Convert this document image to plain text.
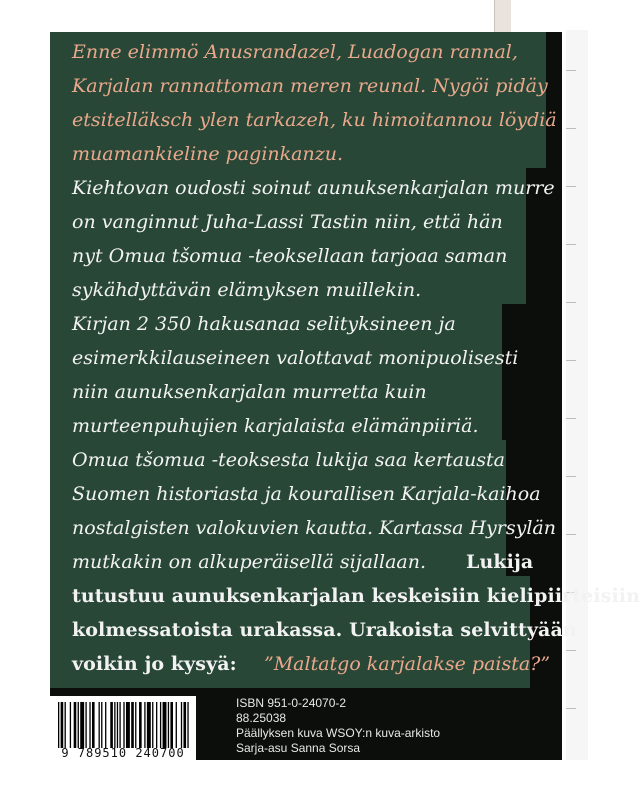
Enne elimmö Anusrandazel, Luadogan rannal,
Karjalan rannattoman meren reunal. Nygöi pidäy
etsitelläksch ylen tarkazeh, ku himoitannou löydiä
muamankieline paginkanzu.
Kiehtovan oudosti soinut aunuksenkarjalan murre
on vanginnut Juha-Lassi Tastin niin, että hän
nyt Omua tšomua -teoksellaan tarjoaa saman
sykähdyttävän elämyksen muillekin.
Kirjan 2 350 hakusanaa selityksineen ja
esimerkkilauseineen valottavat monipuolisesti
niin aunuksenkarjalan murretta kuin
murteenpuhujien karjalaista elämänpiiriä.
Omua tšomua -teoksesta lukija saa kertausta
Suomen historiasta ja kourallisen Karjala-kaihoa
nostalgisten valokuvien kautta. Kartassa Hyrsylän
mutkakin on alkuperäisellä sijallaan. Lukija
tutustuu aunuksenkarjalan keskeisiin kielipiirteisiin
kolmessatoista urakassa. Urakoista selvittyään
voikin jo kysyä: ”Maltatgo karjalakse paista?”
9 789510 240700
ISBN 951-0-24070-2
88.25038
Päällyksen kuva WSOY:n kuva-arkisto
Sarja-asu Sanna Sorsa
